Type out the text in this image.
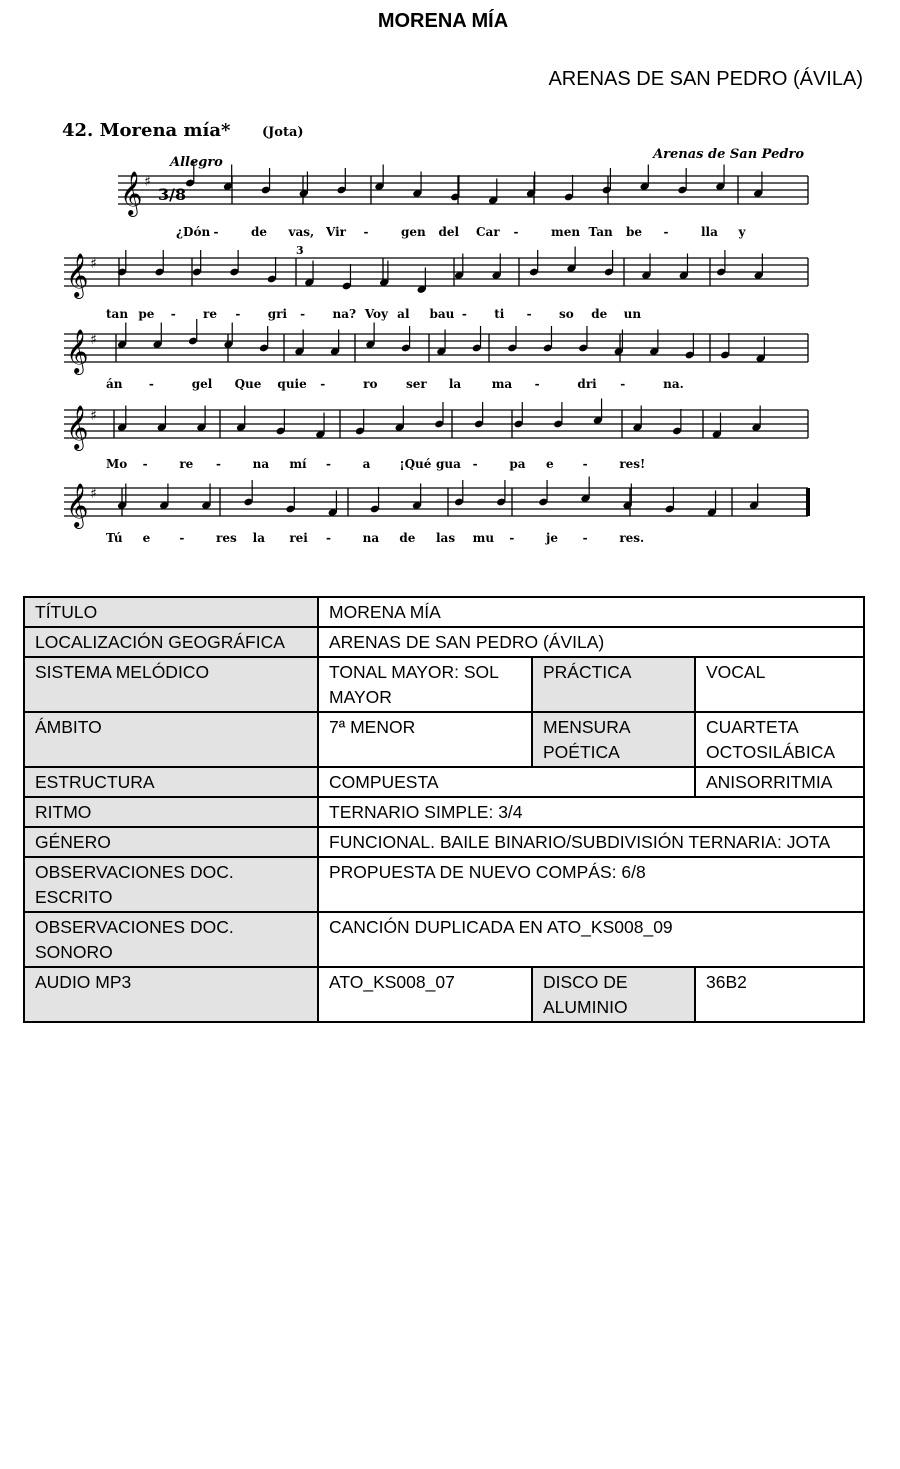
MORENA MÍA
ARENAS DE SAN PEDRO (ÁVILA)
42. Morena mía* (Jota)
Allegro
Arenas de San Pedro
𝄞 ♯
𝄞 ♯
𝄞 ♯
𝄞 ♯
𝄞 ♯
3/8
3
¿Dón -	de vas, Vir -	gen del Car -	men Tan be -	lla y
tan pe - re - gri - na? Voy al bau - ti - so de un
án -	gel Que quie -	ro ser la	ma -	dri -	na.
Mo -	re -	na mí -	a ¡Qué gua -	pa e -	res!
Tú e -	res la rei -	na de las mu -	je -	res.
TÍTULO	MORENA MÍA		
LOCALIZACIÓN GEOGRÁFICA	ARENAS DE SAN PEDRO (ÁVILA)		
SISTEMA MELÓDICO	TONAL MAYOR: SOL MAYOR	PRÁCTICA	VOCAL
ÁMBITO	7ª MENOR	MENSURA POÉTICA	CUARTETA OCTOSILÁBICA
ESTRUCTURA	COMPUESTA		ANISORRITMIA
RITMO	TERNARIO SIMPLE: 3/4		
GÉNERO	FUNCIONAL. BAILE BINARIO/SUBDIVISIÓN TERNARIA: JOTA		
OBSERVACIONES DOC. ESCRITO	PROPUESTA DE NUEVO COMPÁS: 6/8		
OBSERVACIONES DOC. SONORO	CANCIÓN DUPLICADA EN ATO_KS008_09		
AUDIO MP3	ATO_KS008_07	DISCO DE ALUMINIO	36B2
